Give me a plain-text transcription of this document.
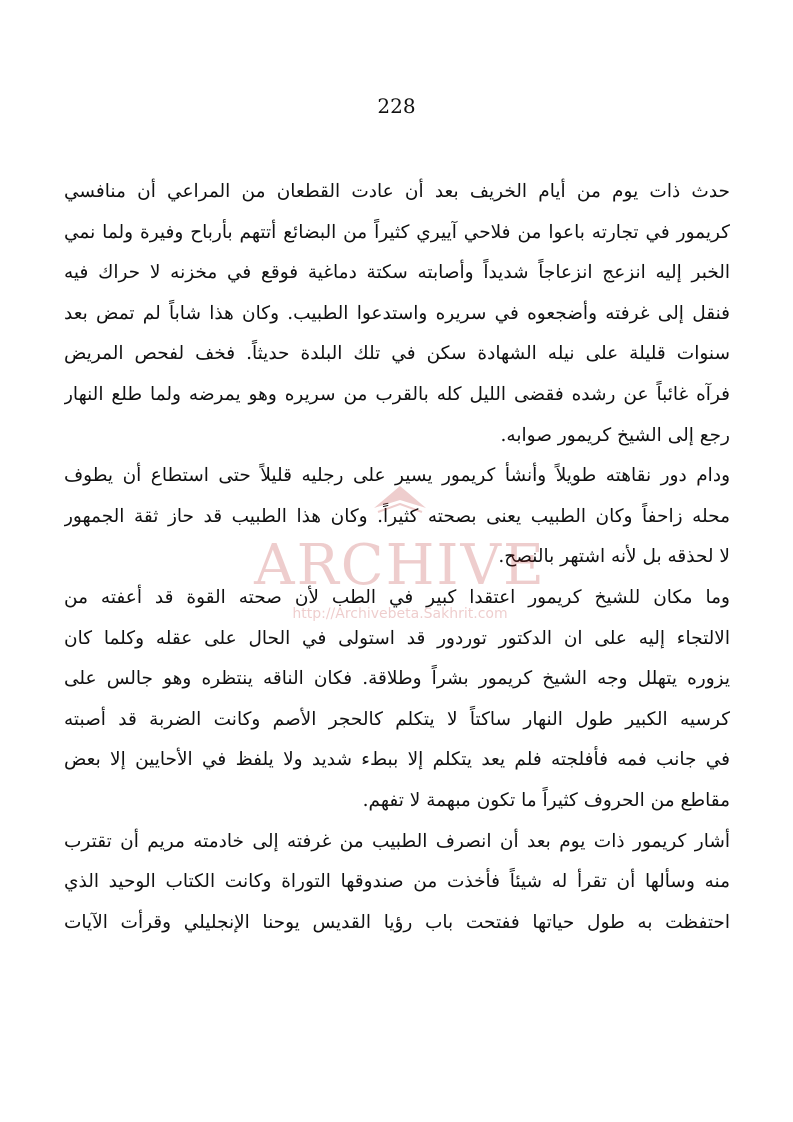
228
حدث ذات يوم من أيام الخريف بعد أن عادت القطعان من المراعي أن منافسي
كريمور في تجارته باعوا من فلاحي آييري كثيراً من البضائع أتتهم بأرباح وفيرة ولما نمي
الخبر إليه انزعج انزعاجاً شديداً وأصابته سكتة دماغية فوقع في مخزنه لا حراك فيه
فنقل إلى غرفته وأضجعوه في سريره واستدعوا الطبيب. وكان هذا شاباً لم تمض بعد
سنوات قليلة على نيله الشهادة سكن في تلك البلدة حديثاً. فخف لفحص المريض
فرآه غائباً عن رشده فقضى الليل كله بالقرب من سريره وهو يمرضه ولما طلع النهار
رجع إلى الشيخ كريمور صوابه.
ودام دور نقاهته طويلاً وأنشأ كريمور يسير على رجليه قليلاً حتى استطاع أن يطوف
محله زاحفاً وكان الطبيب يعنى بصحته كثيراً. وكان هذا الطبيب قد حاز ثقة الجمهور
لا لحذقه بل لأنه اشتهر بالنصح.
وما مكان للشيخ كريمور اعتقدا كبير في الطب لأن صحته القوة قد أعفته من
الالتجاء إليه على ان الدكتور توردور قد استولى في الحال على عقله وكلما كان
يزوره يتهلل وجه الشيخ كريمور بشراً وطلاقة. فكان الناقه ينتظره وهو جالس على
كرسيه الكبير طول النهار ساكتاً لا يتكلم كالحجر الأصم وكانت الضربة قد أصبته
في جانب فمه فأفلجته فلم يعد يتكلم إلا ببطء شديد ولا يلفظ في الأحايين إلا بعض
مقاطع من الحروف كثيراً ما تكون مبهمة لا تفهم.
أشار كريمور ذات يوم بعد أن انصرف الطبيب من غرفته إلى خادمته مريم أن تقترب
منه وسألها أن تقرأ له شيئاً فأخذت من صندوقها التوراة وكانت الكتاب الوحيد الذي
احتفظت به طول حياتها ففتحت باب رؤيا القديس يوحنا الإنجليلي وقرأت الآيات
ARCHIVE
http://Archivebeta.Sakhrit.com
